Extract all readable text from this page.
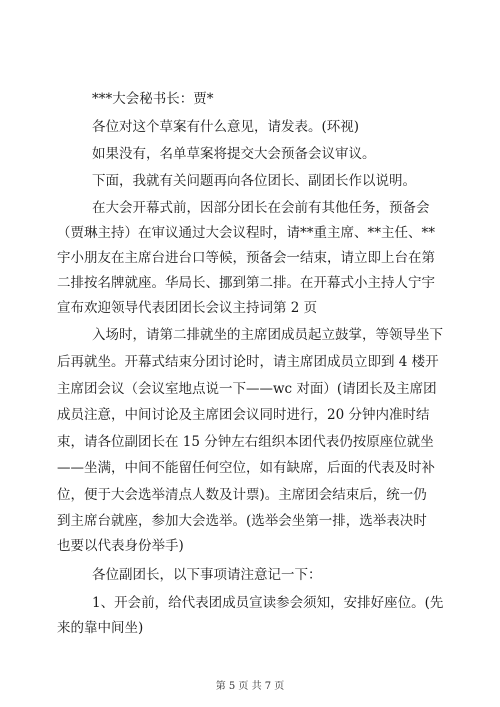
***大会秘书长：贾*
各位对这个草案有什么意见，请发表。(环视)
如果没有，名单草案将提交大会预备会议审议。
下面，我就有关问题再向各位团长、副团长作以说明。
在大会开幕式前，因部分团长在会前有其他任务，预备会
（贾琳主持）在审议通过大会议程时，请**重主席、**主任、**
宇小朋友在主席台进台口等候，预备会一结束，请立即上台在第
二排按名牌就座。华局长、挪到第二排。在开幕式小主持人宁宇
宣布欢迎领导代表团团长会议主持词第 2 页
入场时，请第二排就坐的主席团成员起立鼓掌，等领导坐下
后再就坐。开幕式结束分团讨论时，请主席团成员立即到 4 楼开
主席团会议（会议室地点说一下——wc 对面）(请团长及主席团
成员注意，中间讨论及主席团会议同时进行，20 分钟内准时结
束，请各位副团长在 15 分钟左右组织本团代表仍按原座位就坐
——坐满，中间不能留任何空位，如有缺席，后面的代表及时补
位，便于大会选举清点人数及计票)。主席团会结束后，统一仍
到主席台就座，参加大会选举。(选举会坐第一排，选举表决时
也要以代表身份举手)
各位副团长，以下事项请注意记一下：
1、开会前，给代表团成员宣读参会须知，安排好座位。(先
来的靠中间坐)
第 5 页 共 7 页
